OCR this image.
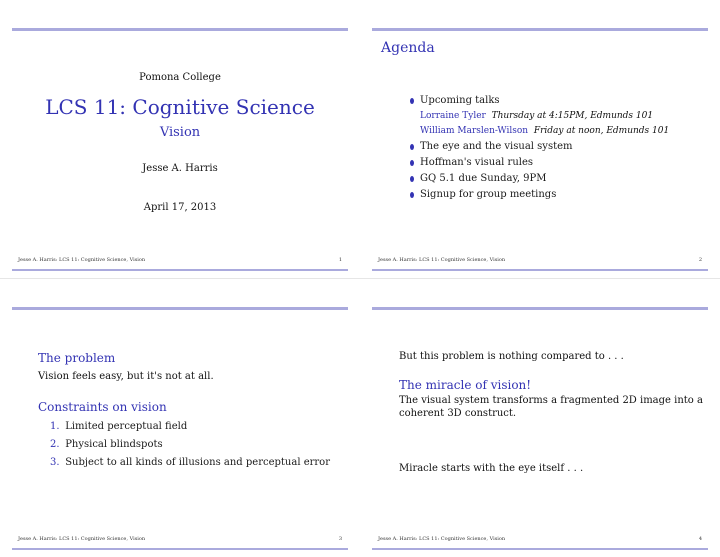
Pomona College
LCS 11: Cognitive Science
Vision
Jesse A. Harris
April 17, 2013
Jesse A. Harris: LCS 11: Cognitive Science, Vision	1
Agenda
Upcoming talks
Lorraine Tyler Thursday at 4:15PM, Edmunds 101
William Marslen-Wilson Friday at noon, Edmunds 101
The eye and the visual system
Hoffman's visual rules
GQ 5.1 due Sunday, 9PM
Signup for group meetings
Jesse A. Harris: LCS 11: Cognitive Science, Vision	2
The problem
Vision feels easy, but it's not at all.
Constraints on vision
1. Limited perceptual field
2. Physical blindspots
3. Subject to all kinds of illusions and perceptual error
Jesse A. Harris: LCS 11: Cognitive Science, Vision	3
But this problem is nothing compared to . . .
The miracle of vision!
The visual system transforms a fragmented 2D image into a
coherent 3D construct.
Miracle starts with the eye itself . . .
Jesse A. Harris: LCS 11: Cognitive Science, Vision	4
